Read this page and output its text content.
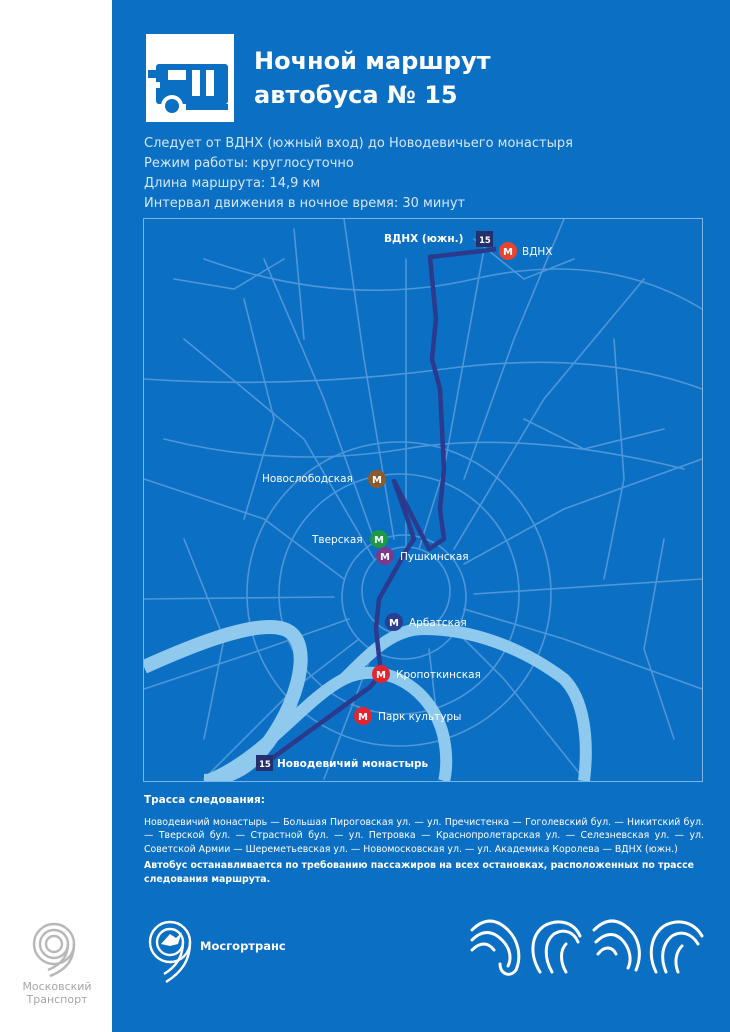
Московский
Транспорт
Ночной маршрут
автобуса № 15
Следует от ВДНХ (южный вход) до Новодевичьего монастыря
Режим работы: круглосуточно
Длина маршрута: 14,9 км
Интервал движения в ночное время: 30 минут
ВДНХ (южн.) 15
М ВДНХ
Новослободская М
Тверская М
М Пушкинская
М Арбатская
М Кропоткинская
М Парк культуры
15 Новодевичий монастырь
Трасса следования:
Новодевичий монастырь — Большая Пироговская ул. — ул. Пречистенка — Гоголевский бул. — Никитский бул. — Тверской бул. — Страстной бул. — ул. Петровка — Краснопролетарская ул. — Селезневская ул. — ул. Советской Армии — Шереметьевская ул. — Новомосковская ул. — ул. Академика Королева — ВДНХ (южн.)
Автобус останавливается по требованию пассажиров на всех остановках, расположенных по трассе следования маршрута.
Мосгортранс
